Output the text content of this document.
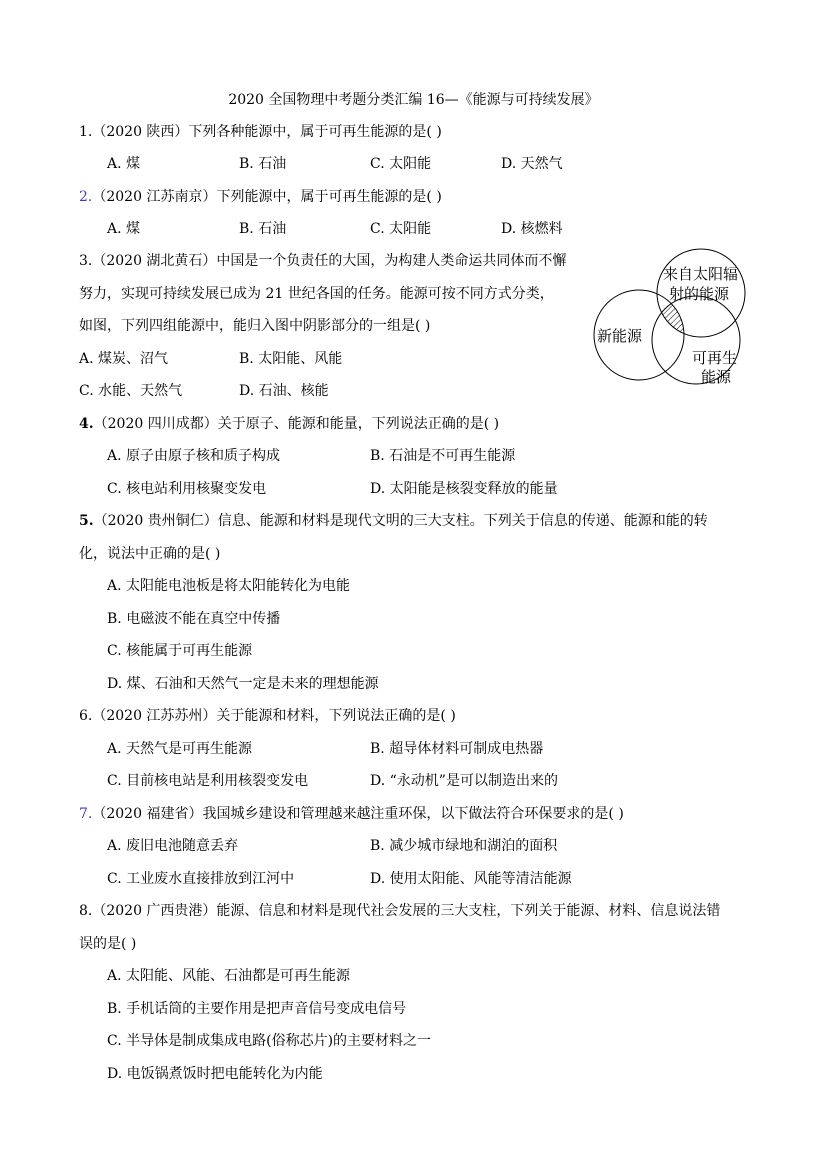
2020 全国物理中考题分类汇编 16—《能源与可持续发展》
1.（2020 陕西）下列各种能源中，属于可再生能源的是( )
A. 煤	B. 石油	C. 太阳能	D. 天然气
2.（2020 江苏南京）下列能源中，属于可再生能源的是( )
A. 煤	B. 石油	C. 太阳能	D. 核燃料
3.（2020 湖北黄石）中国是一个负责任的大国，为构建人类命运共同体而不懈
努力，实现可持续发展已成为 21 世纪各国的任务。能源可按不同方式分类，
如图，下列四组能源中，能归入图中阴影部分的一组是( )
A. 煤炭、沼气	B. 太阳能、风能
C. 水能、天然气	D. 石油、核能
新能源
来自太阳辐
射的能源
可再生
能源
4.（2020 四川成都）关于原子、能源和能量，下列说法正确的是( )
A. 原子由原子核和质子构成	B. 石油是不可再生能源
C. 核电站利用核聚变发电	D. 太阳能是核裂变释放的能量
5.（2020 贵州铜仁）信息、能源和材料是现代文明的三大支柱。下列关于信息的传递、能源和能的转
化，说法中正确的是( )
A. 太阳能电池板是将太阳能转化为电能
B. 电磁波不能在真空中传播
C. 核能属于可再生能源
D. 煤、石油和天然气一定是未来的理想能源
6.（2020 江苏苏州）关于能源和材料，下列说法正确的是( )
A. 天然气是可再生能源	B. 超导体材料可制成电热器
C. 目前核电站是利用核裂变发电	D. “永动机”是可以制造出来的
7.（2020 福建省）我国城乡建设和管理越来越注重环保，以下做法符合环保要求的是( )
A. 废旧电池随意丢弃	B. 减少城市绿地和湖泊的面积
C. 工业废水直接排放到江河中	D. 使用太阳能、风能等清洁能源
8.（2020 广西贵港）能源、信息和材料是现代社会发展的三大支柱，下列关于能源、材料、信息说法错
误的是( )
A. 太阳能、风能、石油都是可再生能源
B. 手机话筒的主要作用是把声音信号变成电信号
C. 半导体是制成集成电路(俗称芯片)的主要材料之一
D. 电饭锅煮饭时把电能转化为内能
